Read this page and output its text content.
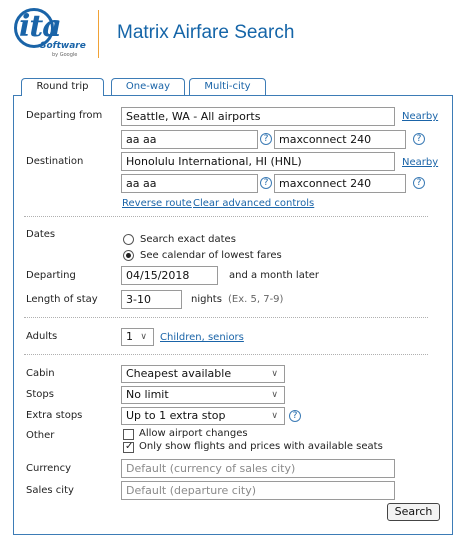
ita
Software
by Google
Matrix Airfare Search
Round trip	One-way	Multi-city
Departing from	Seattle, WA - All airports	Nearby
aa aa	? maxconnect 240	?
Destination	Honolulu International, HI (HNL)	Nearby
aa aa	? maxconnect 240	?
Reverse route Clear advanced controls
Dates	Search exact dates
See calendar of lowest fares
Departing	04/15/2018	and a month later
Length of stay	3-10	nights (Ex. 5, 7-9)
Adults	1 ∨ Children, seniors
Cabin	Cheapest available	∨
Stops	No limit	∨
Extra stops	Up to 1 extra stop	∨	?
Other	Allow airport changes
✓
Only show flights and prices with available seats
Currency	Default (currency of sales city)
Sales city	Default (departure city)
Search
